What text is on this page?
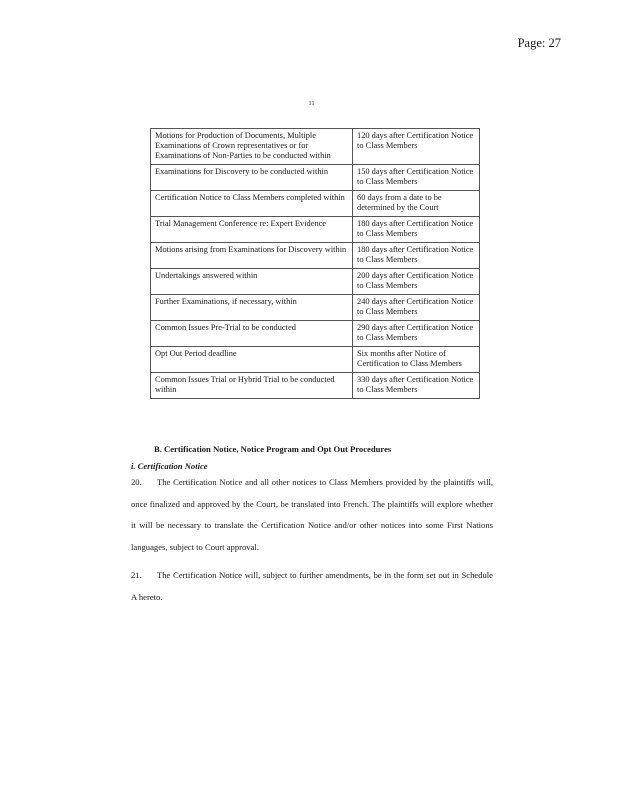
Page: 27
11
Motions for Production of Documents, Multiple Examinations of Crown representatives or for Examinations of Non-Parties to be conducted within	120 days after Certification Notice to Class Members
Examinations for Discovery to be conducted within	150 days after Certification Notice to Class Members
Certification Notice to Class Members completed within	60 days from a date to be determined by the Court
Trial Management Conference re: Expert Evidence	180 days after Certification Notice to Class Members
Motions arising from Examinations for Discovery within	180 days after Certification Notice to Class Members
Undertakings answered within	200 days after Certification Notice to Class Members
Further Examinations, if necessary, within	240 days after Certification Notice to Class Members
Common Issues Pre-Trial to be conducted	290 days after Certification Notice to Class Members
Opt Out Period deadline	Six months after Notice of Certification to Class Members
Common Issues Trial or Hybrid Trial to be conducted within	330 days after Certification Notice to Class Members
B. Certification Notice, Notice Program and Opt Out Procedures
i. Certification Notice
20. The Certification Notice and all other notices to Class Members provided by the plaintiffs will, once finalized and approved by the Court, be translated into French. The plaintiffs will explore whether it will be necessary to translate the Certification Notice and/or other notices into some First Nations languages, subject to Court approval.
21. The Certification Notice will, subject to further amendments, be in the form set out in Schedule A hereto.
